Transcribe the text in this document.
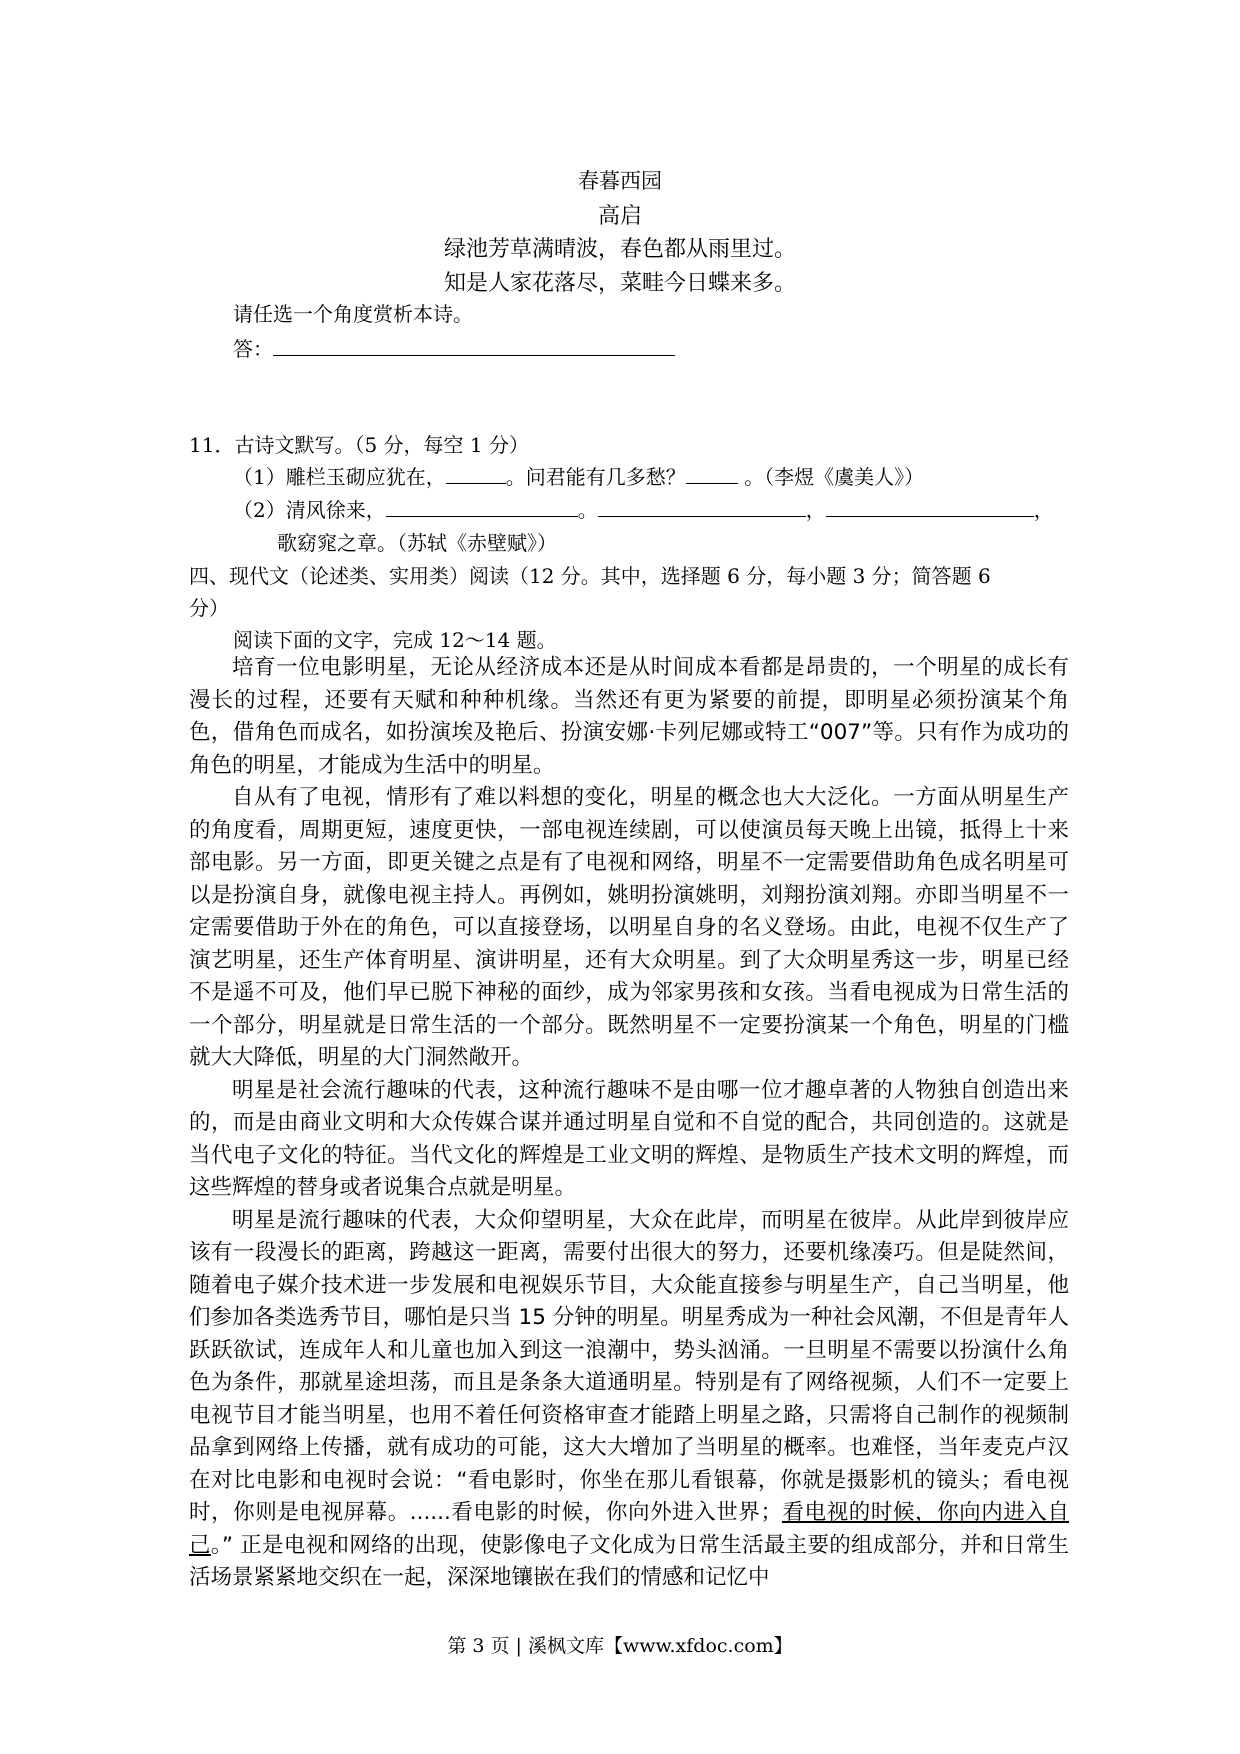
春暮西园
高启
绿池芳草满晴波，春色都从雨里过。
知是人家花落尽，菜畦今日蝶来多。
请任选一个角度赏析本诗。
答：
11．古诗文默写。（5 分，每空 1 分）
（1）雕栏玉砌应犹在，	。问君能有几多愁？	。（李煜《虞美人》）
（2）清风徐来，	。	，	，
歌窈窕之章。（苏轼《赤壁赋》）
四、现代文（论述类、实用类）阅读（12 分。其中，选择题 6 分，每小题 3 分；简答题 6
分）
阅读下面的文字，完成 12～14 题。

培育一位电影明星，无论从经济成本还是从时间成本看都是昂贵的，一个明星的成长有漫长的过程，还要有天赋和种种机缘。当然还有更为紧要的前提，即明星必须扮演某个角色，借角色而成名，如扮演埃及艳后、扮演安娜·卡列尼娜或特工“007”等。只有作为成功的角色的明星，才能成为生活中的明星。

自从有了电视，情形有了难以料想的变化，明星的概念也大大泛化。一方面从明星生产的角度看，周期更短，速度更快，一部电视连续剧，可以使演员每天晚上出镜，抵得上十来部电影。另一方面，即更关键之点是有了电视和网络，明星不一定需要借助角色成名明星可以是扮演自身，就像电视主持人。再例如，姚明扮演姚明，刘翔扮演刘翔。亦即当明星不一定需要借助于外在的角色，可以直接登场，以明星自身的名义登场。由此，电视不仅生产了演艺明星，还生产体育明星、演讲明星，还有大众明星。到了大众明星秀这一步，明星已经不是遥不可及，他们早已脱下神秘的面纱，成为邻家男孩和女孩。当看电视成为日常生活的一个部分，明星就是日常生活的一个部分。既然明星不一定要扮演某一个角色，明星的门槛就大大降低，明星的大门洞然敞开。

明星是社会流行趣味的代表，这种流行趣味不是由哪一位才趣卓著的人物独自创造出来的，而是由商业文明和大众传媒合谋并通过明星自觉和不自觉的配合，共同创造的。这就是当代电子文化的特征。当代文化的辉煌是工业文明的辉煌、是物质生产技术文明的辉煌，而这些辉煌的替身或者说集合点就是明星。

明星是流行趣味的代表，大众仰望明星，大众在此岸，而明星在彼岸。从此岸到彼岸应该有一段漫长的距离，跨越这一距离，需要付出很大的努力，还要机缘凑巧。但是陡然间，随着电子媒介技术进一步发展和电视娱乐节目，大众能直接参与明星生产，自己当明星，他们参加各类选秀节目，哪怕是只当 15 分钟的明星。明星秀成为一种社会风潮，不但是青年人跃跃欲试，连成年人和儿童也加入到这一浪潮中，势头汹涌。一旦明星不需要以扮演什么角色为条件，那就星途坦荡，而且是条条大道通明星。特别是有了网络视频，人们不一定要上电视节目才能当明星，也用不着任何资格审查才能踏上明星之路，只需将自己制作的视频制品拿到网络上传播，就有成功的可能，这大大增加了当明星的概率。也难怪，当年麦克卢汉在对比电影和电视时会说：“看电影时，你坐在那儿看银幕，你就是摄影机的镜头；看电视时，你则是电视屏幕。......看电影的时候，你向外进入世界；看电视的时候，你向内进入自己。” 正是电视和网络的出现，使影像电子文化成为日常生活最主要的组成部分，并和日常生活场景紧紧地交织在一起，深深地镶嵌在我们的情感和记忆中

第 3 页 | 溪枫文库【www.xfdoc.com】
